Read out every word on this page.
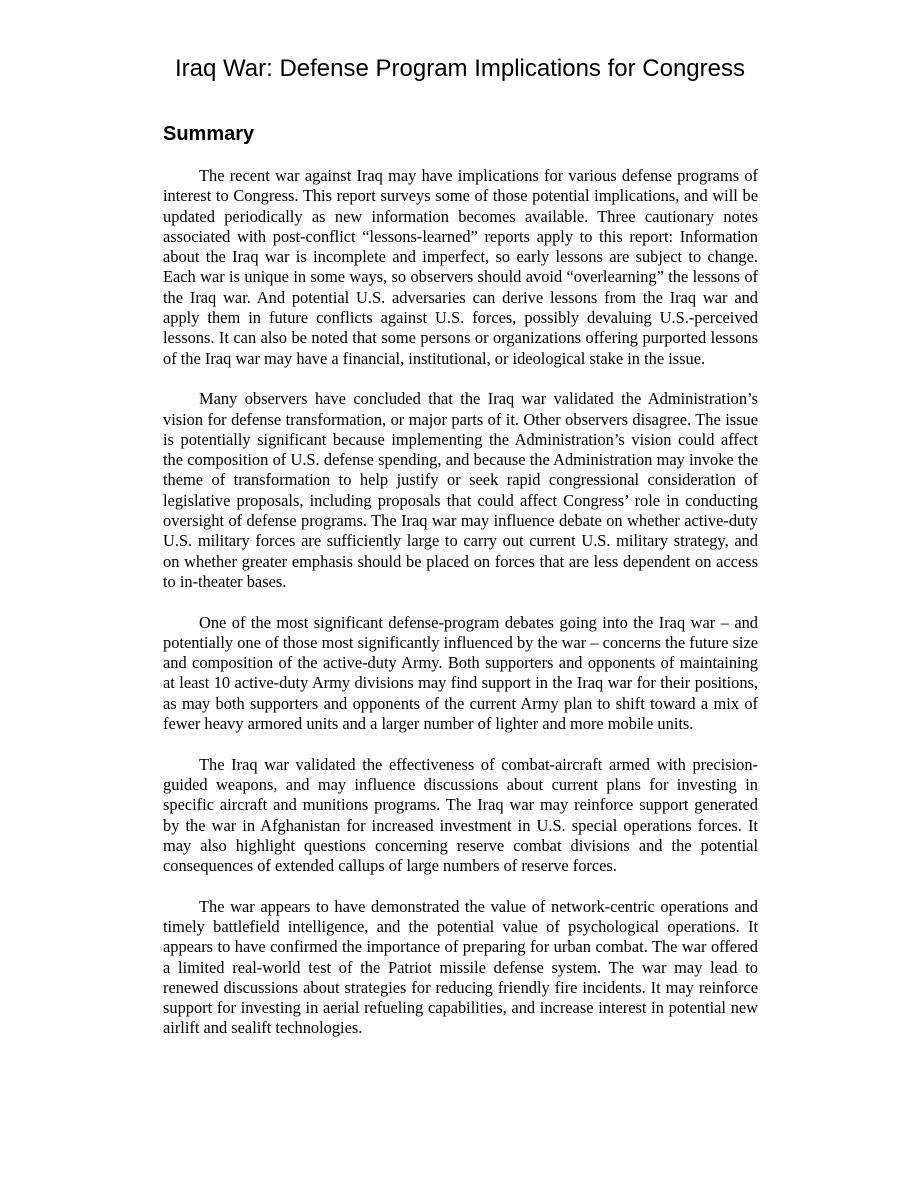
Iraq War: Defense Program Implications for Congress
Summary

The recent war against Iraq may have implications for various defense programs of interest to Congress. This report surveys some of those potential implications, and will be updated periodically as new information becomes available. Three cautionary notes associated with post-conflict “lessons-learned” reports apply to this report: Information about the Iraq war is incomplete and imperfect, so early lessons are subject to change. Each war is unique in some ways, so observers should avoid “overlearning” the lessons of the Iraq war. And potential U.S. adversaries can derive lessons from the Iraq war and apply them in future conflicts against U.S. forces, possibly devaluing U.S.-perceived lessons. It can also be noted that some persons or organizations offering purported lessons of the Iraq war may have a financial, institutional, or ideological stake in the issue.

Many observers have concluded that the Iraq war validated the Administration’s vision for defense transformation, or major parts of it. Other observers disagree. The issue is potentially significant because implementing the Administration’s vision could affect the composition of U.S. defense spending, and because the Administration may invoke the theme of transformation to help justify or seek rapid congressional consideration of legislative proposals, including proposals that could affect Congress’ role in conducting oversight of defense programs. The Iraq war may influence debate on whether active-duty U.S. military forces are sufficiently large to carry out current U.S. military strategy, and on whether greater emphasis should be placed on forces that are less dependent on access to in-theater bases.

One of the most significant defense-program debates going into the Iraq war – and potentially one of those most significantly influenced by the war – concerns the future size and composition of the active-duty Army. Both supporters and opponents of maintaining at least 10 active-duty Army divisions may find support in the Iraq war for their positions, as may both supporters and opponents of the current Army plan to shift toward a mix of fewer heavy armored units and a larger number of lighter and more mobile units.

The Iraq war validated the effectiveness of combat-aircraft armed with precision-guided weapons, and may influence discussions about current plans for investing in specific aircraft and munitions programs. The Iraq war may reinforce support generated by the war in Afghanistan for increased investment in U.S. special operations forces. It may also highlight questions concerning reserve combat divisions and the potential consequences of extended callups of large numbers of reserve forces.

The war appears to have demonstrated the value of network-centric operations and timely battlefield intelligence, and the potential value of psychological operations. It appears to have confirmed the importance of preparing for urban combat. The war offered a limited real-world test of the Patriot missile defense system. The war may lead to renewed discussions about strategies for reducing friendly fire incidents. It may reinforce support for investing in aerial refueling capabilities, and increase interest in potential new airlift and sealift technologies.
